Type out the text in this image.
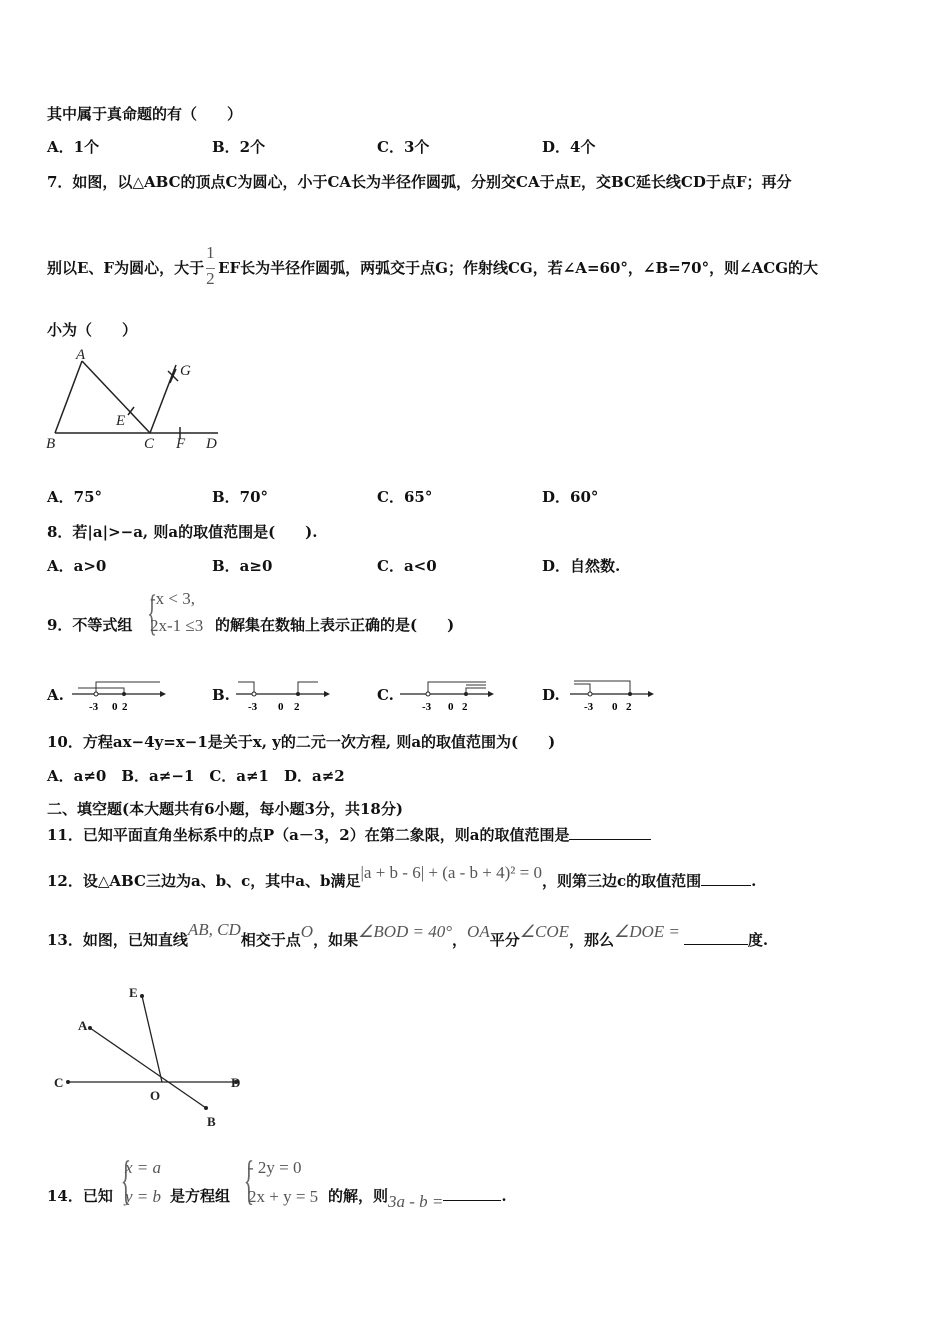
其中属于真命题的有（　　）
A．1个	B．2个	C．3个	D．4个
7．如图，以△ABC的顶点C为圆心，小于CA长为半径作圆弧，分别交CA于点E，交BC延长线CD于点F；再分
别以E、F为圆心，大于
$\frac{1}{2}$
EF长为半径作圆弧，两弧交于点G；作射线CG，若∠A=60°，∠B=70°，则∠ACG的大
小为（　　）
A
B	C	D
E
F
G
A．75°	B．70°	C．65°	D．60°
8．若|a|>−a, 则a的取值范围是(　　).
A．a>0	B．a≥0	C．a<0	D．自然数.
9．不等式组 {
-x < 3,
2x-1 ≤3 的解集在数轴上表示正确的是(　　)
A.	B.	C.	D.
-3 0 2	-3 0 2	-3 0 2	-3 0 2
10．方程ax−4y=x−1是关于x, y的二元一次方程, 则a的取值范围为(　　)
A．a≠0　B．a≠−1　C．a≠1　D．a≠2
二、填空题(本大题共有6小题，每小题3分，共18分)
11．已知平面直角坐标系中的点P（a－3，2）在第二象限，则a的取值范围是
12．设△ABC三边为a、b、c，其中a、b满足|a + b - 6| + (a - b + 4)² = 0，则第三边c的取值范围	.
13．如图，已知直线AB, CD相交于点O，如果∠BOD = 40°，OA平分∠COE，那么∠DOE =	度.
A
B
C	D
E
O
14．已知 {
x = a
y = b 是方程组 {
- 2y = 0
2x + y = 5 的解，则3a - b =	.
